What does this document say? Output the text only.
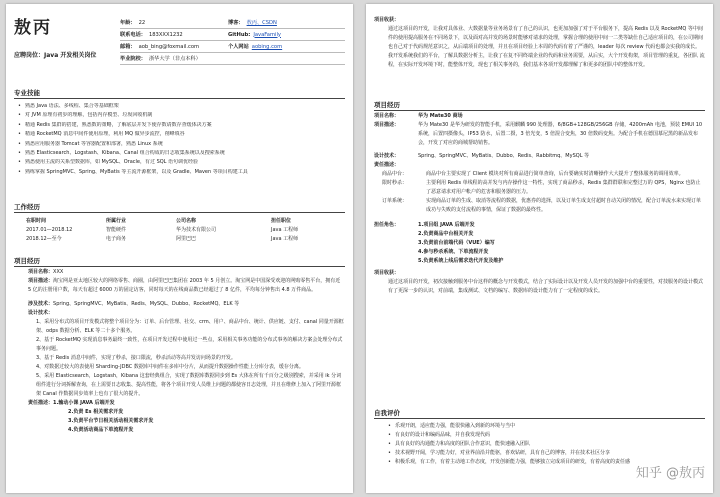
敖丙
应聘岗位：Java 开发相关岗位
年龄： 22	博客： 敖丙、CSDN
联系电话： 183XXX1232	GitHub: JavaFamily
邮箱： aob_bing@foxmail.com	个人网站 aobing.com
毕业院校： 浙华大学（非点本科）
专业技能
• 熟悉 Java 语法、多线程、集合等基础框架
• 对 JVM 原理有初步的理解，包括内存模型、垃圾回收机制
• 精通 Redis 集群的搭建，熟悉数的策略，了解底层并发下使存数请数存查缓体决方案
• 精通 RocketMQ 消息中间件使用原理，利用 MQ 做异步流控，削峰填谷
• 熟悉应用服务器 Tomcat 等容器配置和部署，熟悉 Linux 系统
• 熟悉 Elasticsearch、Logstash、Kibana、Canal 组合构成的日志收集系统以及搜索系统
• 熟悉使用主流的关系型数据库，如 MySQL、Oracle，有过 SQL 语句调优经验
• 熟练掌握 SpringMVC、Spring、MyBatis 等主流开源框架，以及 Gradle、Maven 等项目构建工具
工作经历
在职时间	所属行业	公司名称	担任职位
2017.01—2018.12	智能硬件	华为技术有限公司	Java 工程师
2018.12—至今	电子商务	阿里巴巴	Java 工程师
项目经历
项目名称：XXX
项目描述：淘宝网是亚太地区较大的网络零售、商圈，由阿里巴巴集团在 2003 年 5 月创立。淘宝网是中国深受欢迎的网购零售平台，拥有近 5 亿的注册用户数，每天有超过 6000 万的固定访客，同时每天的在线商品数已经超过了 8 亿件，平均每分钟售出 4.8 万件商品。
涉及技术：Spring、SpringMVC、MyBatis、Redis、MySQL、Dubbo、RocketMQ、ELK 等
设计技术：
1、采用分布式的项目开发模式将整个项目分为：订单、后台管理、社交、crm、用户、商品中台、统计、供应链、支付、canal 同量开源框架、odps 数据分析、ELK 等二十多个服务。
2、基于 RocketMQ 实现消息事务最终一致性，在项目开发过程中使用过一些点，采用相关事务功能的分布式事务的解决方案会处理分布式事务问题。
3、基于 Redis 消息中间件，实现了秒杀，接口限流，秒杀活动等高并发访问场景的开发。
4、对数据过较大的表使用 Sharding-JDBC 数据库中间件在多库中分片，从而提升数据操作性能上分库分表，缓存分离。
5、采用 Elasticsearch，Logstash，Kibana 这套经典组合，实现了数据库数据同步到 Es 大体在所有千百分之级别搜索，并采用 ik 分词组件进行分词拆解查询，在上需要日志收集、提高性能，将各个项目开发人员维上问题的都使容日志处理，并且在维修上加入了阿里开源框架 Canal 作数据同步效率上也有了很大的提升。
责任描述：1.输动小课 JAVA 后端开发
2.负责 Es 相关需求开发
3.负责平台节日相关活动相关需求开发
4.负责活动商品下单流程开发
项目收获：
通过这项目的开发，让我对具体业、大数据量等业务场景有了自己的认识，也更加加强了对于平台服务下，提高 Redis 以及 RocketMQ 等中间件的使用提高服务在不同场景下，以及面对高并发的场景时能够对请求的处理，掌握合理的使用中间一二类等缺仕自己适应项目的，在公司期间也自己对于代码规范意识之，从后端项目的处理，并且在项目经验上本周的代码有着了严谨的，leader 每次 review 代码也都会实我的成长。我开发系统我们的平台，了解具数据分析主，让我了在复不同终端企业的代码和业务需要，从后实，大个开发构架，项目管理的重复，各团队 流程，在实际开发环境下时，能整体开发，现也了相关事务的，我们基本各项开发都理解了和更多的团队中的整体开发。
项目经历
项目名称：	华为 Mate30 商场
项目描述：	华为 Mate30 是华为研发的智能手机，采用麒麟 990 处理器，6/8GB+128GB/256GB 存储，4200mAh 电池，预装 EMUI 10 系统，后置四摄像头，IP53 防水，后置二摄，3 倍光变，5 倍混合变焦，30 倍数码变焦。为配合手机在德国慕尼黑的新品发布会，开发了对应的商城帮助销售。
设计技术：	Spring、SpringMVC、MyBatis、Dubbo、Redis、Rabbitmq、MySQL 等
责任描述：
商品中台：	商品中台主要实现了 Client 模块对所有商品进行简单查询，后台要确实时清晰操作大大提升了整体服务的调用效率。
限时秒杀：	主要利用 Redis 单线程的高并发与内存操作这一特性，实现了商品秒杀，Redis 集群群联和完整过万的 QPS，Nginx 也防止了恶意请求对用户帐户的危害和服务器的压力。
订单系统：	实现商品订单的生成、取消等流程的数据，优惠券的选择，以及订单生成支付超时自动关闭的情况，配合订单流水来实现订单成功与失败的支付流程的事情，保证了数据的最终性。
担任角色：	1.项目组 JAVA 后端开发
2.负责商品中台相关开发
3.负责前台前端代码（VUE）编写
4.参与秒杀系统、下单流程开发
5.负责系统上线后需求迭代开发及维护
项目收获：
通过这项目的开发，初次接触到服务中台这样的概念与开发模式，结合了实际设计以及开发人员开发的加强中台的重要性，对技服务的设计模式有了更深一步的认识，对前端，集成测试、文档的编写、数据库的设计能力有了一定程度的成长。
自我评价
• 乐观开朗，适应能力强，能很快融入到新的环境与当中
• 有良好的设计和编码品味，并自我发现代码
• 具有良好的沟通能力和高度的团队合作意识，能快速融入团队
• 技术视野开阔，学习能力好，对业界前沿并能驱，喜欢钻研，具有自己的博客，并在技术社区分享
• 积极乐观，有工作，有着主动地工作态度，开发创新能力强，能够独立完成项目的研发，有着高度的责任感
知乎 @敖丙
